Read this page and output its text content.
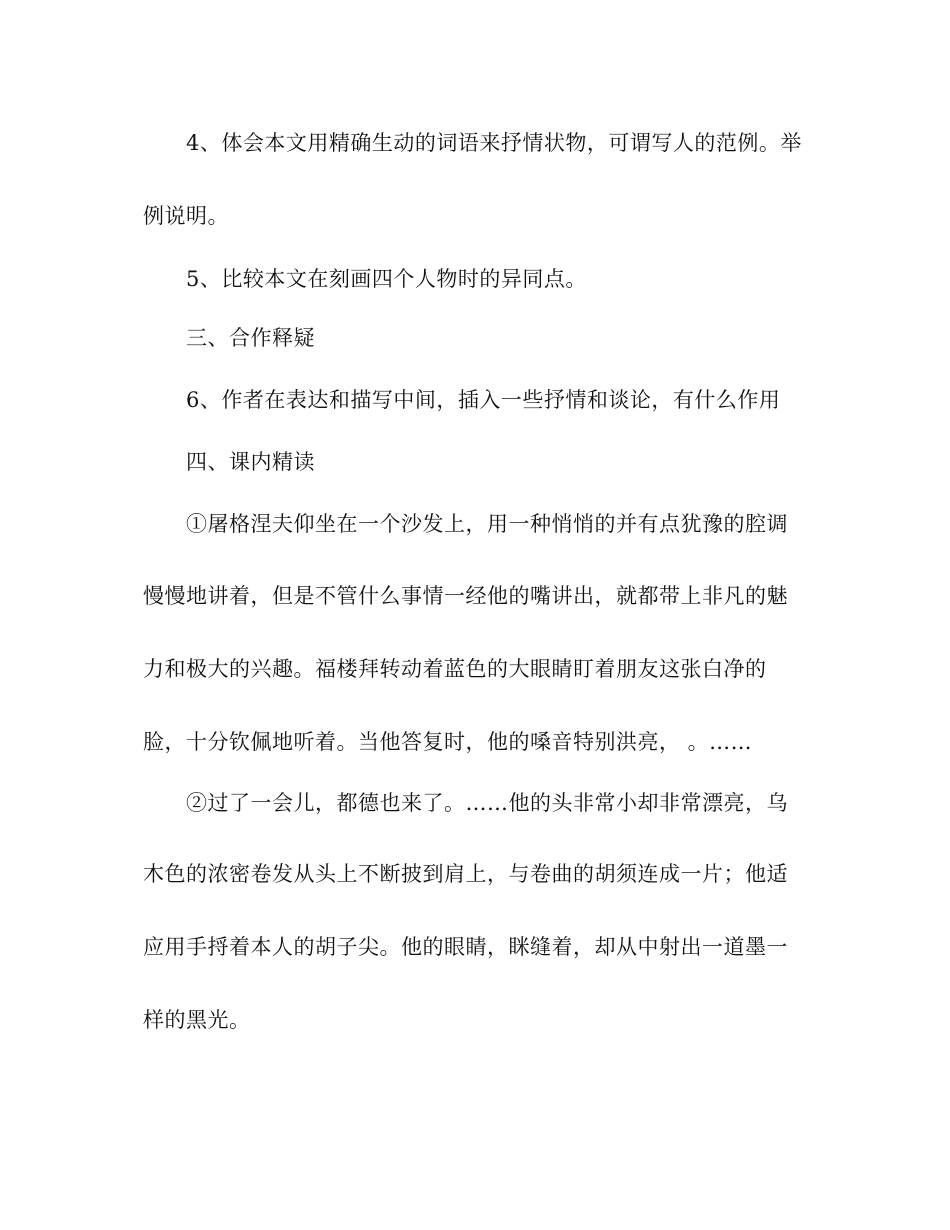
4、体会本文用精确生动的词语来抒情状物，可谓写人的范例。举
例说明。
5、比较本文在刻画四个人物时的异同点。
三、合作释疑
6、作者在表达和描写中间，插入一些抒情和谈论，有什么作用
四、课内精读
①屠格涅夫仰坐在一个沙发上，用一种悄悄的并有点犹豫的腔调
慢慢地讲着，但是不管什么事情一经他的嘴讲出，就都带上非凡的魅
力和极大的兴趣。福楼拜转动着蓝色的大眼睛盯着朋友这张白净的
脸，十分钦佩地听着。当他答复时，他的嗓音特别洪亮， 。……
②过了一会儿，都德也来了。……他的头非常小却非常漂亮，乌
木色的浓密卷发从头上不断披到肩上，与卷曲的胡须连成一片；他适
应用手捋着本人的胡子尖。他的眼睛，眯缝着，却从中射出一道墨一
样的黑光。
